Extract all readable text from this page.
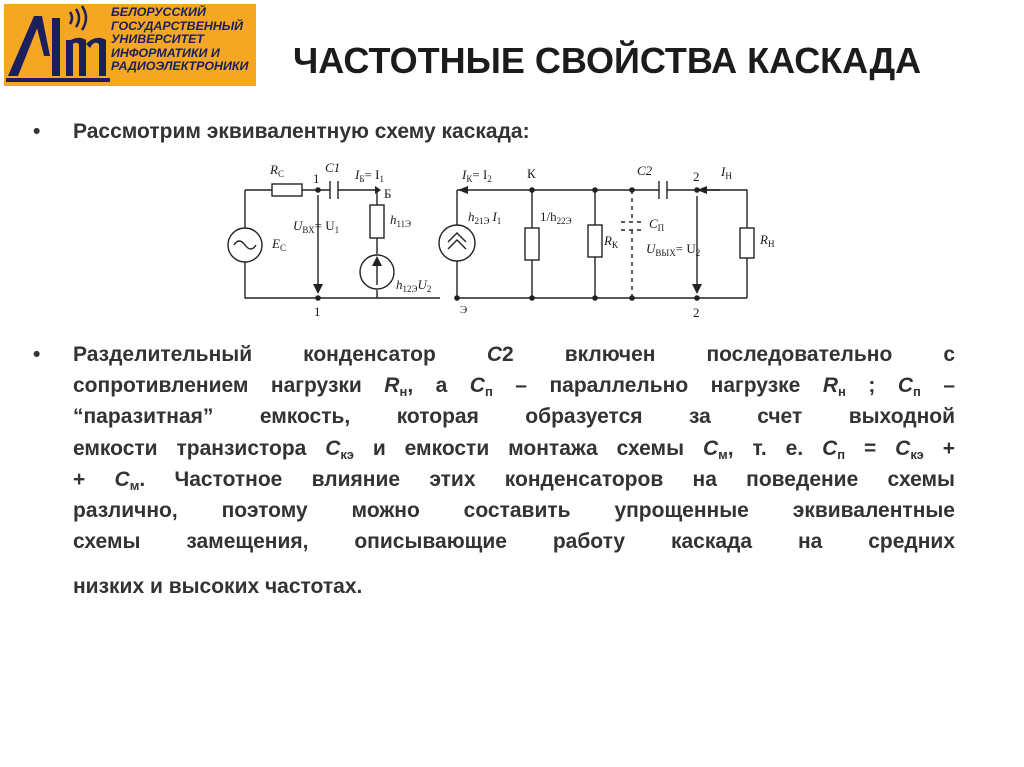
БЕЛОРУССКИЙ
ГОСУДАРСТВЕННЫЙ
УНИВЕРСИТЕТ
ИНФОРМАТИКИ И
РАДИОЭЛЕКТРОНИКИ ЧАСТОТНЫЕ СВОЙСТВА КАСКАДА
• Рассмотрим эквивалентную схему каскада:
$R_C$	C1
1	$I_Б= I_1$
Б
$U_{ВХ}= U_1$
$h_{11Э}$
$E_C$
$h_{12Э}U_2$
1	Э
$I_К= I_2$	К
$h_{21Э}$ $I_1$	$1/h_{22Э}$
$R_К$
C2
$C_П$
2 $I_Н$
$U_{ВЫХ}= U_2$
$R_Н$
2
• Разделительный конденсатор С2 включен последовательно с
сопротивлением нагрузки $R_н$, а $С_п$ – параллельно нагрузке $R_н$ ; $С_п$ –
“паразитная” емкость, которая образуется за счет выходной
емкости транзистора $С_{кэ}$ и емкости монтажа схемы $С_м$, т. е. $С_п = С_{кэ}$ +
+ $С_м$. Частотное влияние этих конденсаторов на поведение схемы
различно, поэтому можно составить упрощенные эквивалентные
схемы замещения, описывающие работу каскада на средних
низких и высоких частотах.
